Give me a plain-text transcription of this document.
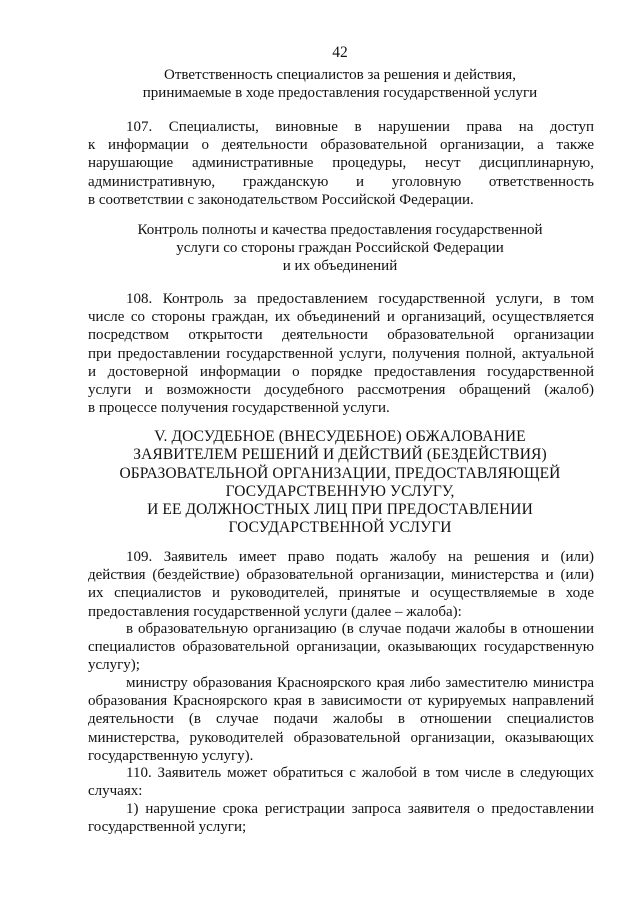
42
Ответственность специалистов за решения и действия,
принимаемые в ходе предоставления государственной услуги
107. Специалисты, виновные в нарушении права на доступ
к информации о деятельности образовательной организации, а также
нарушающие административные процедуры, несут дисциплинарную,
административную, гражданскую и уголовную ответственность
в соответствии с законодательством Российской Федерации.
Контроль полноты и качества предоставления государственной
услуги со стороны граждан Российской Федерации
и их объединений
108. Контроль за предоставлением государственной услуги, в том
числе со стороны граждан, их объединений и организаций, осуществляется
посредством открытости деятельности образовательной организации
при предоставлении государственной услуги, получения полной, актуальной
и достоверной информации о порядке предоставления государственной
услуги и возможности досудебного рассмотрения обращений (жалоб)
в процессе получения государственной услуги.
V. ДОСУДЕБНОЕ (ВНЕСУДЕБНОЕ) ОБЖАЛОВАНИЕ
ЗАЯВИТЕЛЕМ РЕШЕНИЙ И ДЕЙСТВИЙ (БЕЗДЕЙСТВИЯ)
ОБРАЗОВАТЕЛЬНОЙ ОРГАНИЗАЦИИ, ПРЕДОСТАВЛЯЮЩЕЙ
ГОСУДАРСТВЕННУЮ УСЛУГУ,
И ЕЕ ДОЛЖНОСТНЫХ ЛИЦ ПРИ ПРЕДОСТАВЛЕНИИ
ГОСУДАРСТВЕННОЙ УСЛУГИ
109. Заявитель имеет право подать жалобу на решения и (или)
действия (бездействие) образовательной организации, министерства и (или)
их специалистов и руководителей, принятые и осуществляемые в ходе
предоставления государственной услуги (далее – жалоба):
в образовательную организацию (в случае подачи жалобы в отношении
специалистов образовательной организации, оказывающих государственную
услугу);
министру образования Красноярского края либо заместителю министра
образования Красноярского края в зависимости от курируемых направлений
деятельности (в случае подачи жалобы в отношении специалистов
министерства, руководителей образовательной организации, оказывающих
государственную услугу).
110. Заявитель может обратиться с жалобой в том числе в следующих
случаях:
1) нарушение срока регистрации запроса заявителя о предоставлении
государственной услуги;
